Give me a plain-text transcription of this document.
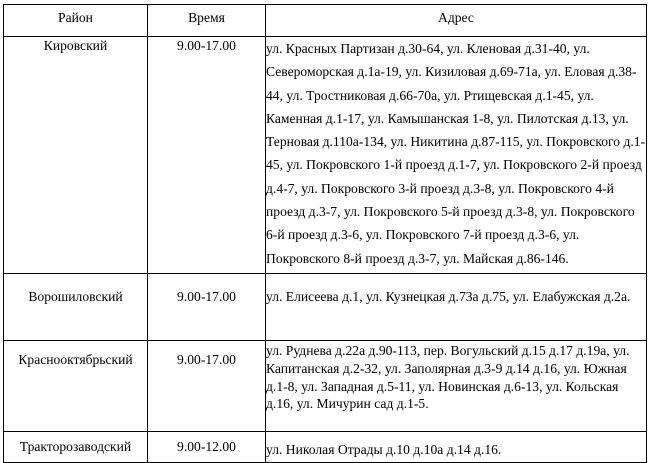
Район	Время	Адрес
Кировский	9.00-17.00	ул. Красных Партизан д.30-64, ул. Кленовая д.31-40, ул. Североморская д.1а-19, ул. Кизиловая д.69-71а, ул. Еловая д.38-44, ул. Тростниковая д.66-70а, ул. Ртищевская д.1-45, ул. Каменная д.1-17, ул. Камышанская 1-8, ул. Пилотская д.13, ул. Терновая д.110а-134, ул. Никитина д.87-115, ул. Покровского д.1-45, ул. Покровского 1-й проезд д.1-7, ул. Покровского 2-й проезд д.4-7, ул. Покровского 3-й проезд д.3-8, ул. Покровского 4-й проезд д.3-7, ул. Покровского 5-й проезд д.3-8, ул. Покровского 6-й проезд д.3-6, ул. Покровского 7-й проезд д.3-6, ул. Покровского 8-й проезд д.3-7, ул. Майская д.86-146.
Ворошиловский	9.00-17.00	ул. Елисеева д.1, ул. Кузнецкая д.73а д.75, ул. Елабужская д.2а.
Краснооктябрьский	9.00-17.00	ул. Руднева д.22а д.90-113, пер. Вогульский д.15 д.17 д.19а, ул. Капитанская д.2-32, ул. Заполярная д.3-9 д.14 д.16, ул. Южная д.1-8, ул. Западная д.5-11, ул. Новинская д.6-13, ул. Кольская д.16, ул. Мичурин сад д.1-5.
Тракторозаводский	9.00-12.00	ул. Николая Отрады д.10 д.10а д.14 д.16.
